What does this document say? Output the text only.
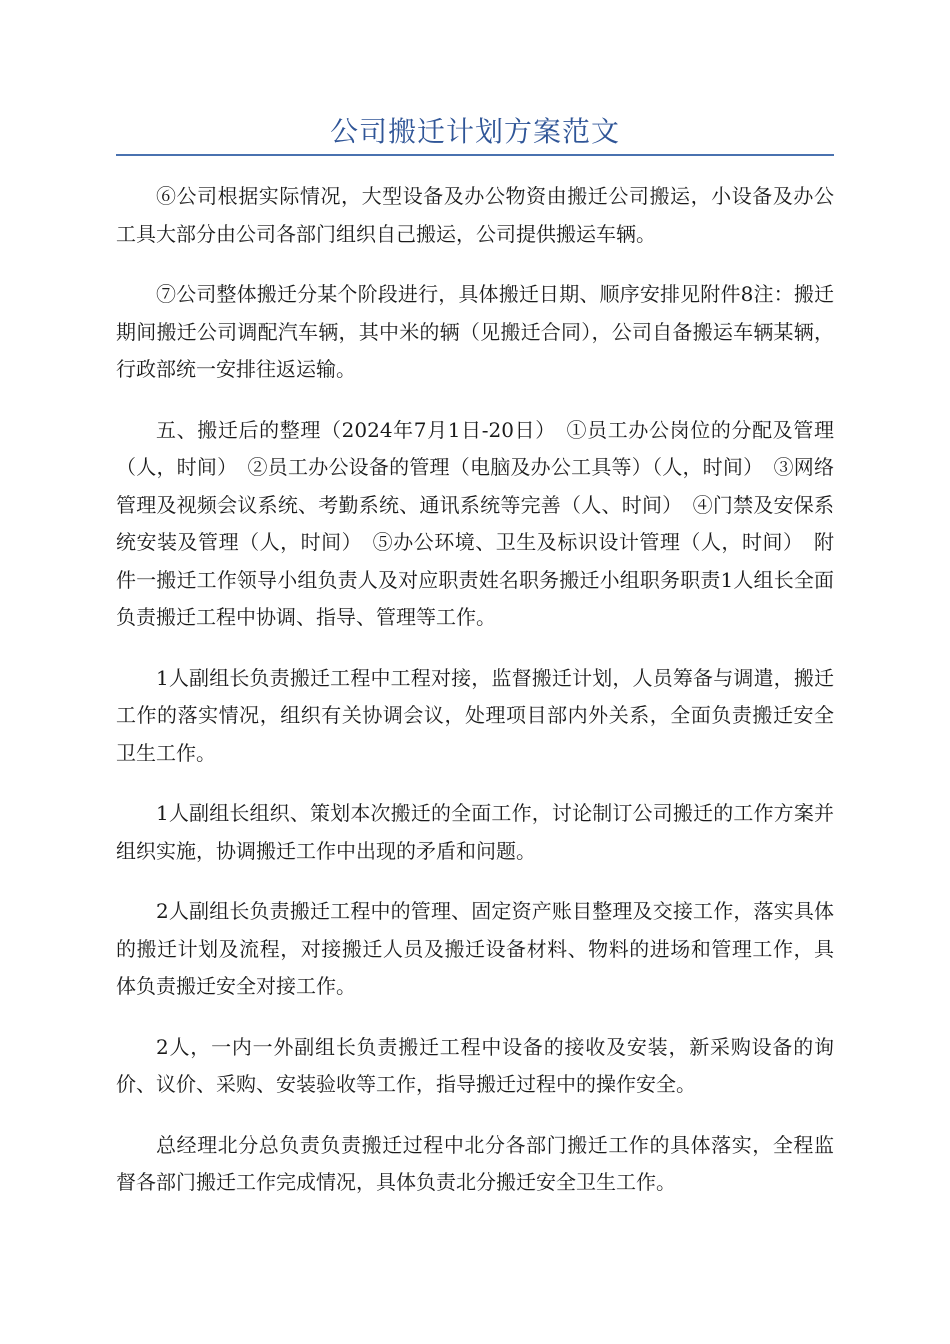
公司搬迁计划方案范文

⑥公司根据实际情况，大型设备及办公物资由搬迁公司搬运，小设备及办公工具大部分由公司各部门组织自己搬运，公司提供搬运车辆。

⑦公司整体搬迁分某个阶段进行，具体搬迁日期、顺序安排见附件8注：搬迁期间搬迁公司调配汽车辆，其中米的辆（见搬迁合同），公司自备搬运车辆某辆，行政部统一安排往返运输。

五、搬迁后的整理（2024年7月1日-20日）　①员工办公岗位的分配及管理（人，时间）　②员工办公设备的管理（电脑及办公工具等）（人，时间）　③网络管理及视频会议系统、考勤系统、通讯系统等完善（人、时间）　④门禁及安保系统安装及管理（人，时间）　⑤办公环境、卫生及标识设计管理（人，时间）　附件一搬迁工作领导小组负责人及对应职责姓名职务搬迁小组职务职责1人组长全面负责搬迁工程中协调、指导、管理等工作。

1人副组长负责搬迁工程中工程对接，监督搬迁计划，人员筹备与调遣，搬迁工作的落实情况，组织有关协调会议，处理项目部内外关系，全面负责搬迁安全卫生工作。

1人副组长组织、策划本次搬迁的全面工作，讨论制订公司搬迁的工作方案并组织实施，协调搬迁工作中出现的矛盾和问题。

2人副组长负责搬迁工程中的管理、固定资产账目整理及交接工作，落实具体的搬迁计划及流程，对接搬迁人员及搬迁设备材料、物料的进场和管理工作，具体负责搬迁安全对接工作。

2人，一内一外副组长负责搬迁工程中设备的接收及安装，新采购设备的询价、议价、采购、安装验收等工作，指导搬迁过程中的操作安全。

总经理北分总负责负责搬迁过程中北分各部门搬迁工作的具体落实，全程监督各部门搬迁工作完成情况，具体负责北分搬迁安全卫生工作。
